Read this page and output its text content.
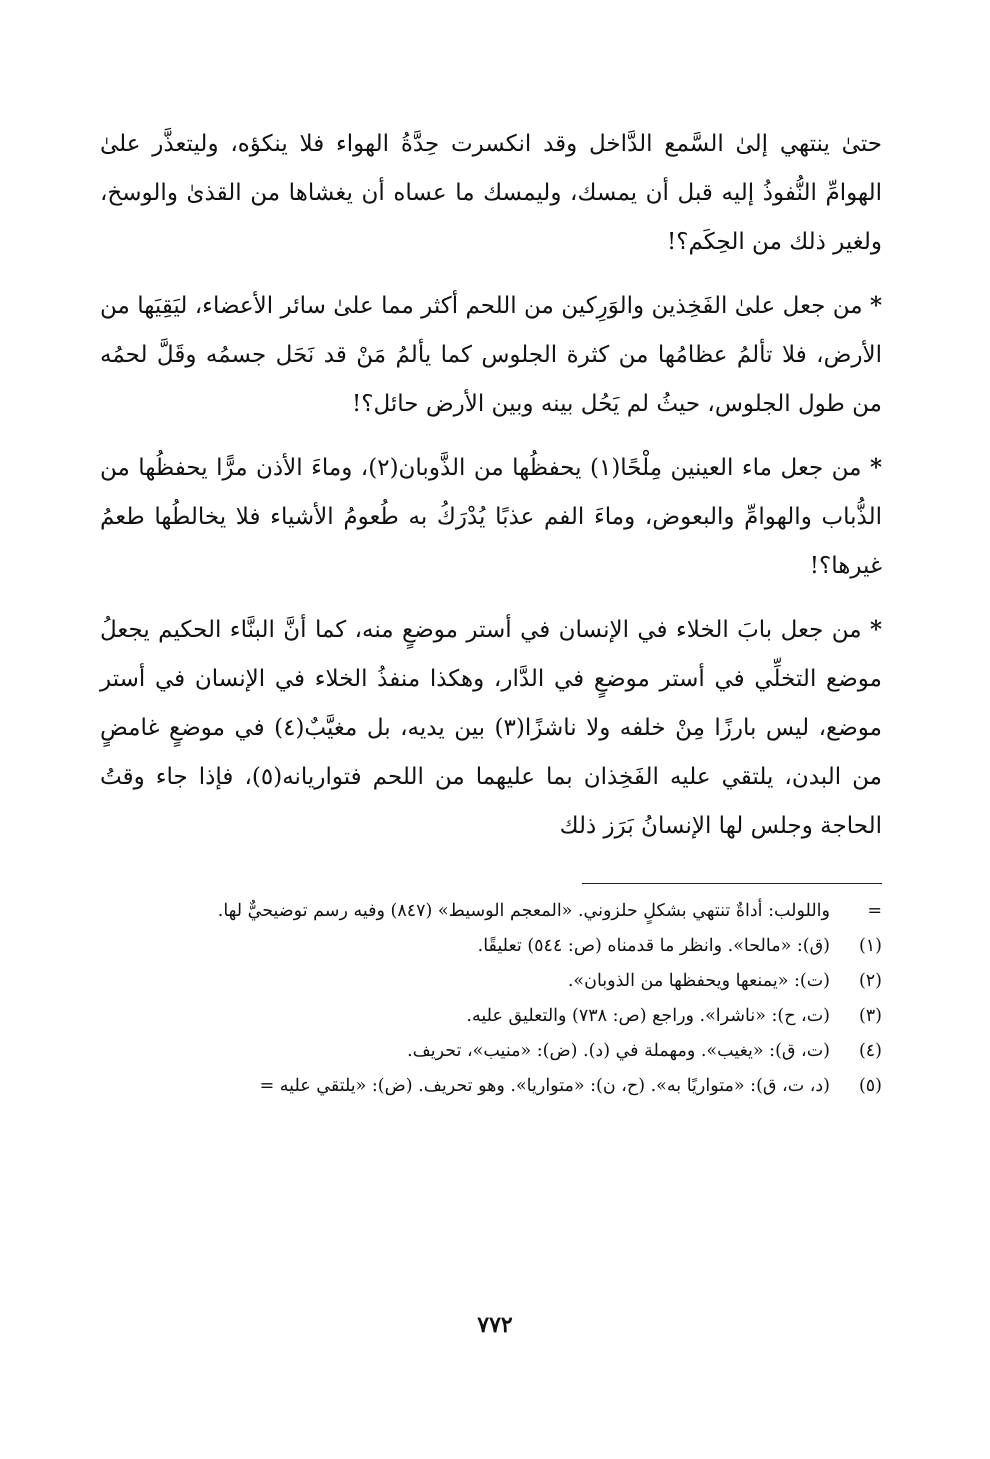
حتىٰ ينتهي إلىٰ السَّمع الدَّاخل وقد انكسرت حِدَّةُ الهواء فلا ينكؤه، وليتعذَّر علىٰ الهوامِّ النُّفوذُ إليه قبل أن يمسك، وليمسك ما عساه أن يغشاها من القذىٰ والوسخ، ولغير ذلك من الحِكَم؟!

* من جعل علىٰ الفَخِذين والوَرِكين من اللحم أكثر مما علىٰ سائر الأعضاء، ليَقِيَها من الأرض، فلا تألمُ عظامُها من كثرة الجلوس كما يألمُ مَنْ قد نَحَل جسمُه وقَلَّ لحمُه من طول الجلوس، حيثُ لم يَحُل بينه وبين الأرض حائل؟!

* من جعل ماء العينين مِلْحًا(١) يحفظُها من الذَّوبان(٢)، وماءَ الأذن مرًّا يحفظُها من الذُّباب والهوامِّ والبعوض، وماءَ الفم عذبًا يُدْرَكُ به طُعومُ الأشياء فلا يخالطُها طعمُ غيرها؟!

* من جعل بابَ الخلاء في الإنسان في أستر موضعٍ منه، كما أنَّ البنَّاء الحكيم يجعلُ موضع التخلِّي في أستر موضعٍ في الدَّار، وهكذا منفذُ الخلاء في الإنسان في أستر موضع، ليس بارزًا مِنْ خلفه ولا ناشزًا(٣) بين يديه، بل مغيَّبٌ(٤) في موضعٍ غامضٍ من البدن، يلتقي عليه الفَخِذان بما عليهما من اللحم فتواريانه(٥)، فإذا جاء وقتُ الحاجة وجلس لها الإنسانُ بَرَز ذلك

=
واللولب: أداةٌ تنتهي بشكلٍ حلزوني. «المعجم الوسيط» (٨٤٧) وفيه رسم توضيحيٌّ لها.
(١)
(ق): «مالحا». وانظر ما قدمناه (ص: ٥٤٤) تعليقًا.
(٢)
(ت): «يمنعها ويحفظها من الذوبان».
(٣)
(ت، ح): «ناشرا». وراجع (ص: ٧٣٨) والتعليق عليه.
(٤)
(ت، ق): «يغيب». ومهملة في (د). (ض): «منيب»، تحريف.
(٥)
(د، ت، ق): «متواريًا به». (ح، ن): «متواريا». وهو تحريف. (ض): «يلتقي عليه =
٧٧٢
